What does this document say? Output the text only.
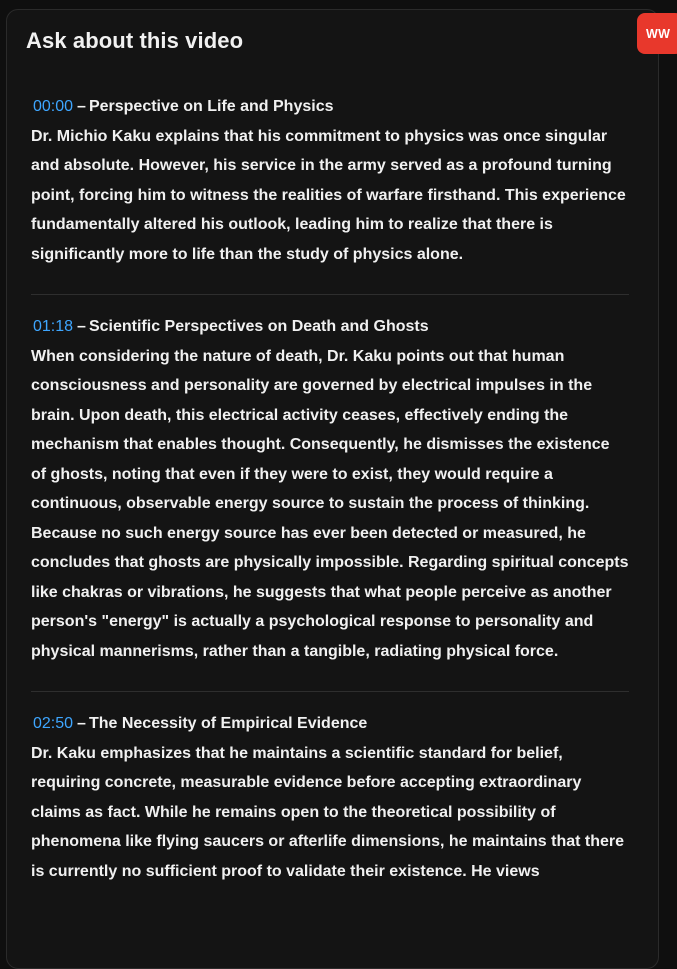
Ask about this video
00:00 – Perspective on Life and Physics

Dr. Michio Kaku explains that his commitment to physics was once singular and absolute. However, his service in the army served as a profound turning point, forcing him to witness the realities of warfare firsthand. This experience fundamentally altered his outlook, leading him to realize that there is significantly more to life than the study of physics alone.

01:18 – Scientific Perspectives on Death and Ghosts

When considering the nature of death, Dr. Kaku points out that human consciousness and personality are governed by electrical impulses in the brain. Upon death, this electrical activity ceases, effectively ending the mechanism that enables thought. Consequently, he dismisses the existence of ghosts, noting that even if they were to exist, they would require a continuous, observable energy source to sustain the process of thinking. Because no such energy source has ever been detected or measured, he concludes that ghosts are physically impossible. Regarding spiritual concepts like chakras or vibrations, he suggests that what people perceive as another person's "energy" is actually a psychological response to personality and physical mannerisms, rather than a tangible, radiating physical force.

02:50 – The Necessity of Empirical Evidence

Dr. Kaku emphasizes that he maintains a scientific standard for belief, requiring concrete, measurable evidence before accepting extraordinary claims as fact. While he remains open to the theoretical possibility of phenomena like flying saucers or afterlife dimensions, he maintains that there is currently no sufficient proof to validate their existence. He views

WW
